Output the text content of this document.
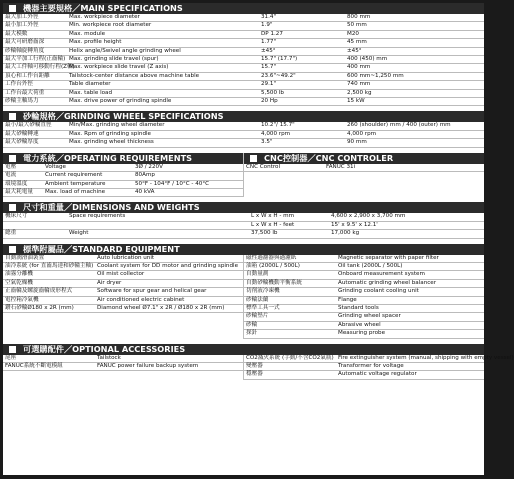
機器主要規格／MAIN SPECIFICATIONS
最大加工外徑	Max. workpiece diameter	31.4"	800 mm
最小加工外徑	Min. workpiece root diameter	1.9"	50 mm
最大模數	Max. module	DP 1.27	M20
最大可研磨齒深	Max. profile height	1.77"	45 mm
砂輪軸旋轉角度	Helix angle/Swivel angle grinding wheel	±45°	±45°
最大平加工行程(正齒輪)	Max. grinding slide travel (spur)	15.7" (17.7")	400 (450) mm
最大工件軸可移動行程(Z軸)	Max. workpiece slide travel (Z axis)	15.7"	400 mm
頂心和工作台距離	Tailstock-center distance above machine table	23.6"~49.2"	600 mm~1,250 mm
工作台外徑	Table diameter	29.1"	740 mm
工作台最大荷重	Max. table load	5,500 lb	2,500 kg
砂輪主軸馬力	Max. drive power of grinding spindle	20 Hp	15 kW
砂輪規格／GRINDING WHEEL SPECIFICATIONS
最小/最大砂輪直徑	Min/Max. grinding wheel diameter	10.2"/ 15.7"	260 (shoulder) mm / 400 (outer) mm
最大砂輪轉速	Max. Rpm of grinding spindle	4,000 rpm	4,000 rpm
最大砂輪厚度	Max. grinding wheel thickness	3.5"	90 mm
電力系統／OPERATING REQUIREMENTS
電壓	Voltage	3Ø / 220V
電流	Current requirement	80Amp
環境溫度	Ambient temperature	50°F - 104°F / 10°C - 40°C
最大耗電量	Max. load of machine	40 kVA
CNC控制器／CNC CONTROLER
CNC Control	FANUC 31i
尺寸和重量／DIMENSIONS AND WEIGHTS
機床尺寸	Space requirements	L x W x H - mm	4,600 x 2,900 x 3,700 mm
		L x W x H - feet	15' x 9.5' x 12.1'
總重	Weight	37,500 lb	17,000 kg
標準附屬品／STANDARD EQUIPMENT
自動潤滑油裝置	Auto lubrication unit
油冷系統 (for 直齒馬達和砂輪主軸)	Coolant system for DD motor and grinding spindle
油霧分離機	Oil mist collector
空氣乾燥機	Air dryer
正齒輪及螺旋齒輪成形程式	Software for spur gear and helical gear
電控箱冷氣機	Air conditioned electric cabinet
鑽石砂輪Ø180 x 2R (mm)	Diamond wheel Ø7.1" x 2R / Ø180 x 2R (mm)
磁性過濾器與過濾紙	Magnetic separator with paper filter
油箱 (2000L / 500L)	Oil tank (2000L / 500L)
自動量測	Onboard measurement system
自動砂輪機動平衡系統	Automatic grinding wheel balancer
切削液冷凍機	Grinding coolant cooling unit
砂輪法蘭	Flange
標準工具一式	Standard tools
砂輪墊片	Grinding wheel spacer
砂輪	Abrasive wheel
探針	Measuring probe
可選購配件／OPTIONAL ACCESSORIES
尾座	Tailstock
FANUC系統不斷電模組	FANUC power failure backup system
CO2滅火系統 (手動/不含CO2氣瓶)	Fire extinguisher system (manual, shipping with empty vessel)
變壓器	Transformer for voltage
穩壓器	Automatic voltage regulator
